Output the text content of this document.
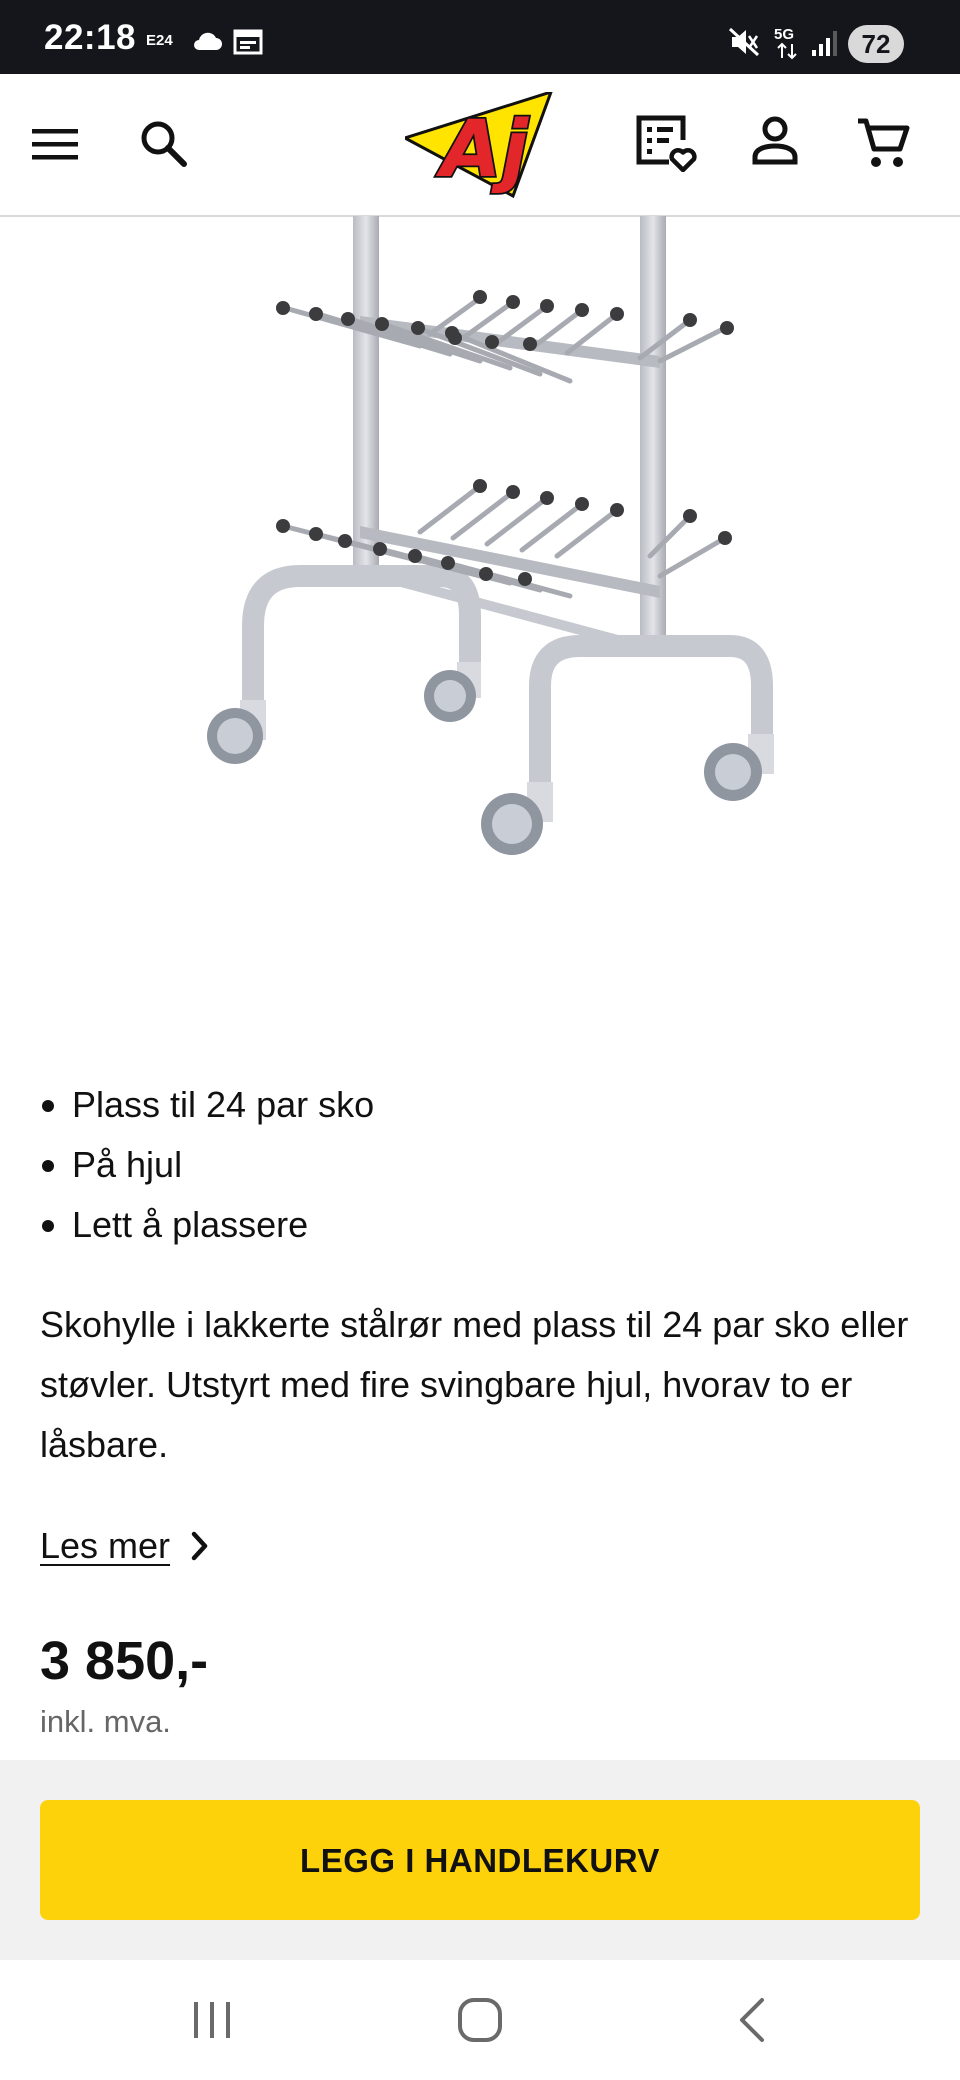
22:18 E24	5G	72
Aj
Plass til 24 par sko
På hjul
Lett å plassere

Skohylle i lakkerte stålrør med plass til 24 par sko eller støvler. Utstyrt med fire svingbare hjul, hvorav to er låsbare.

Les mer
3 850,-
inkl. mva.
LEGG I HANDLEKURV
